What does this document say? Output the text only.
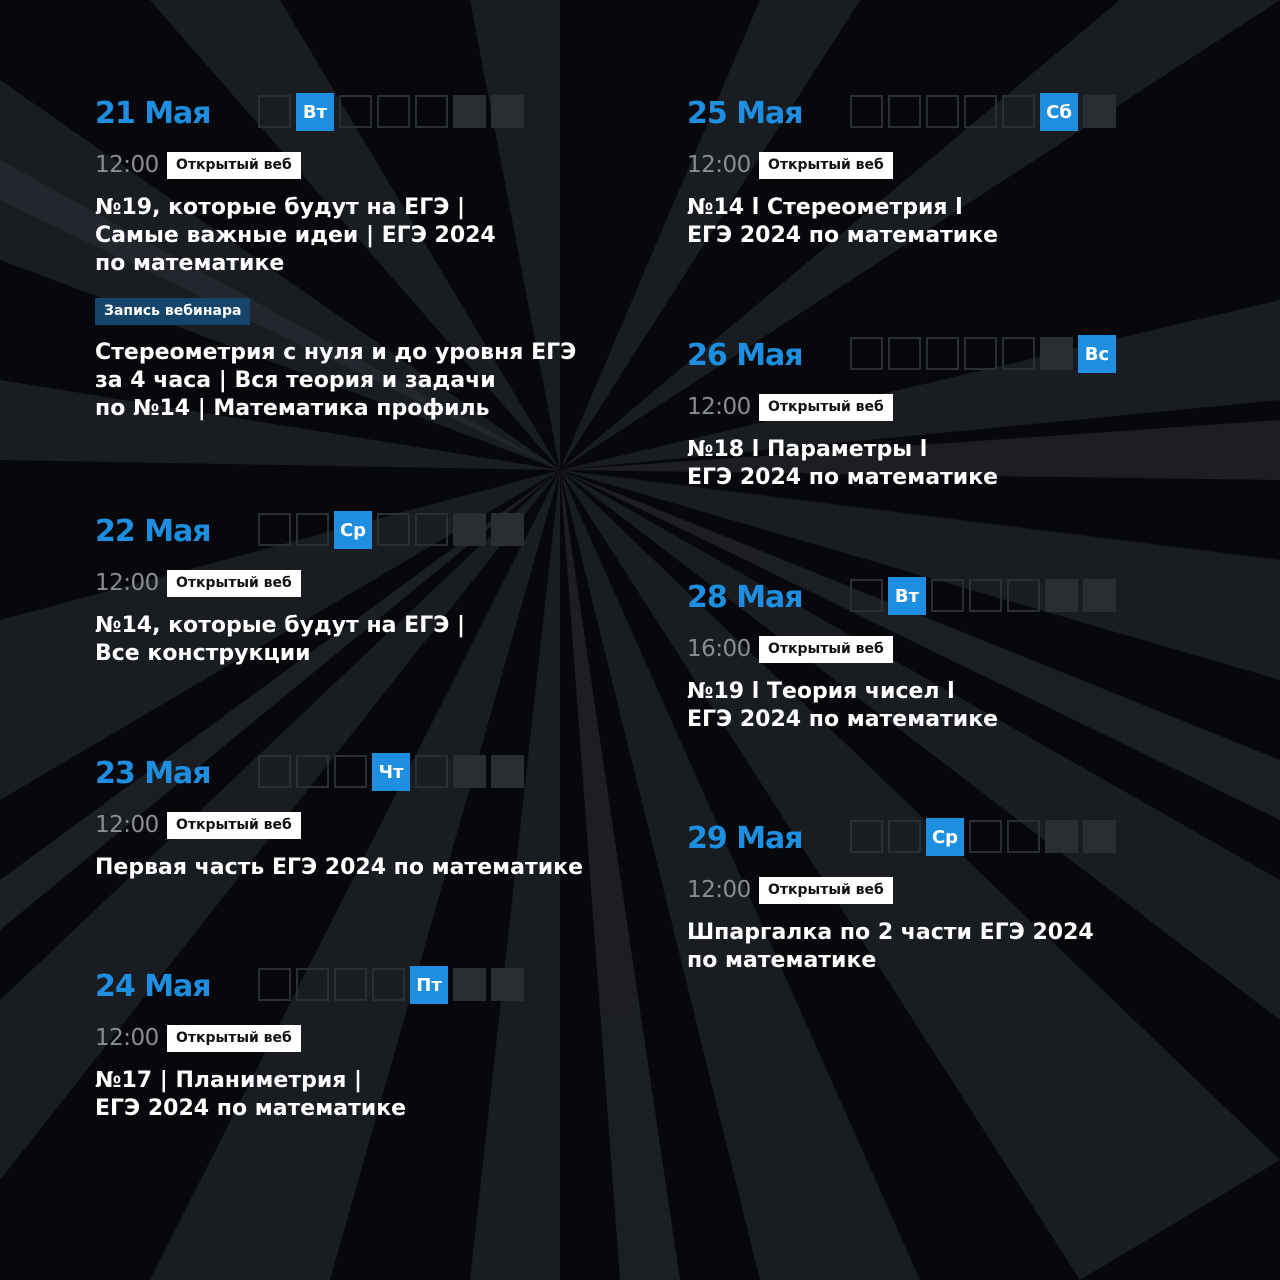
21 Мая	Вт
12:00	Открытый веб
№19, которые будут на ЕГЭ |
Самые важные идеи | ЕГЭ 2024
по математике
Запись вебинара
Стереометрия с нуля и до уровня ЕГЭ
за 4 часа | Вся теория и задачи
по №14 | Математика профиль
22 Мая	Ср
12:00	Открытый веб
№14, которые будут на ЕГЭ |
Все конструкции
23 Мая	Чт
12:00	Открытый веб
Первая часть ЕГЭ 2024 по математике
24 Мая	Пт
12:00	Открытый веб
№17 | Планиметрия |
ЕГЭ 2024 по математике
25 Мая	Сб
12:00	Открытый веб
№14 l Стереометрия l
ЕГЭ 2024 по математике
26 Мая	Вс
12:00	Открытый веб
№18 l Параметры l
ЕГЭ 2024 по математике
28 Мая	Вт
16:00	Открытый веб
№19 l Теория чисел l
ЕГЭ 2024 по математике
29 Мая	Ср
12:00	Открытый веб
Шпаргалка по 2 части ЕГЭ 2024
по математике
